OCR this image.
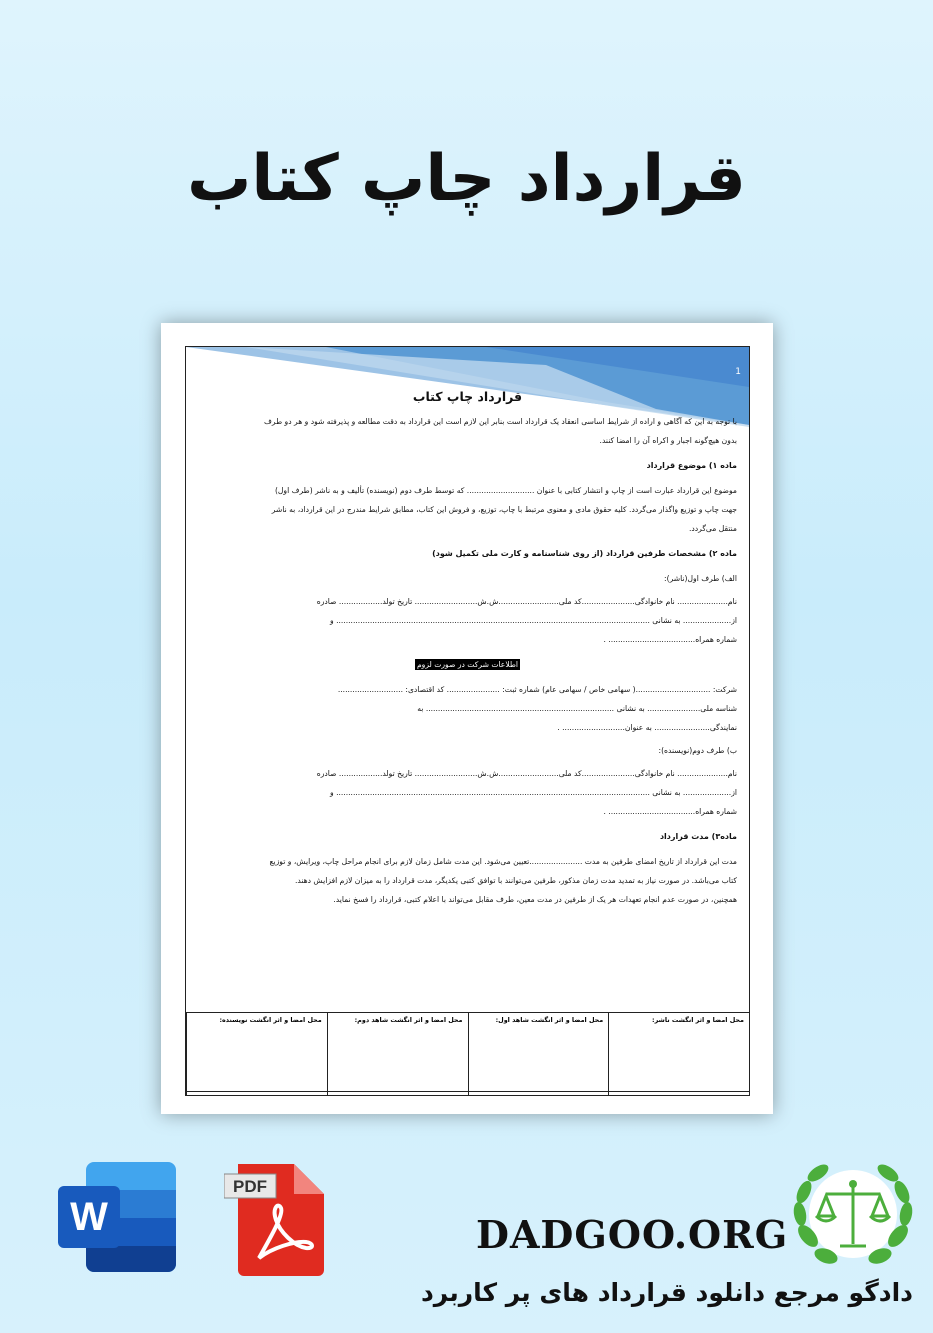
قرارداد چاپ کتاب
1
قرارداد چاپ کتاب

با توجه به این که آگاهی و اراده از شرایط اساسی انعقاد یک قرارداد است بنابر این لازم است این قرارداد به دقت مطالعه و پذیرفته شود و هر دو طرف

بدون هیچ‌گونه اجبار و اکراه آن را امضا کنند.

ماده ۱) موضوع قرارداد

موضوع این قرارداد عبارت است از چاپ و انتشار کتابی با عنوان ............................ که توسط طرف دوم (نویسنده) تألیف و به ناشر (طرف اول)

جهت چاپ و توزیع واگذار می‌گردد. کلیه حقوق مادی و معنوی مرتبط با چاپ، توزیع، و فروش این کتاب، مطابق شرایط مندرج در این قرارداد، به ناشر

منتقل می‌گردد.

ماده ۲) مشخصات طرفین قرارداد (از روی شناسنامه و کارت ملی تکمیل شود)

الف) طرف اول(ناشر):

نام..................... نام خانوادگی......................کد ملی.........................ش.ش.......................... تاریخ تولد.................. صادره

از.................... به نشانی .................................................................................................................................. و

شماره همراه.................................... .

اطلاعات شرکت در صورت لزوم

شرکت: ...............................( سهامی خاص / سهامی عام) شماره ثبت: ...................... کد اقتصادی: ...........................

شناسه ملی...................... به نشانی .............................................................................. به

نمایندگی....................... به عنوان.......................... .

ب) طرف دوم(نویسنده):

نام..................... نام خانوادگی......................کد ملی.........................ش.ش.......................... تاریخ تولد.................. صادره

از.................... به نشانی .................................................................................................................................. و

شماره همراه.................................... .

ماده۳) مدت قرارداد

مدت این قرارداد از تاریخ امضای طرفین به مدت ......................تعیین می‌شود. این مدت شامل زمان لازم برای انجام مراحل چاپ، ویرایش، و توزیع

کتاب می‌باشد. در صورت نیاز به تمدید مدت زمان مذکور، طرفین می‌توانند با توافق کتبی یکدیگر، مدت قرارداد را به میزان لازم افزایش دهند.

همچنین، در صورت عدم انجام تعهدات هر یک از طرفین در مدت معین، طرف مقابل می‌تواند با اعلام کتبی، قرارداد را فسخ نماید.

محل امضا و اثر انگشت ناشر:
محل امضا و اثر انگشت شاهد اول:
محل امضا و اثر انگشت شاهد دوم:
محل امضا و اثر انگشت نویسنده:
W
PDF
DADGOO.ORG
دادگو مرجع دانلود قرارداد های پر کاربرد
